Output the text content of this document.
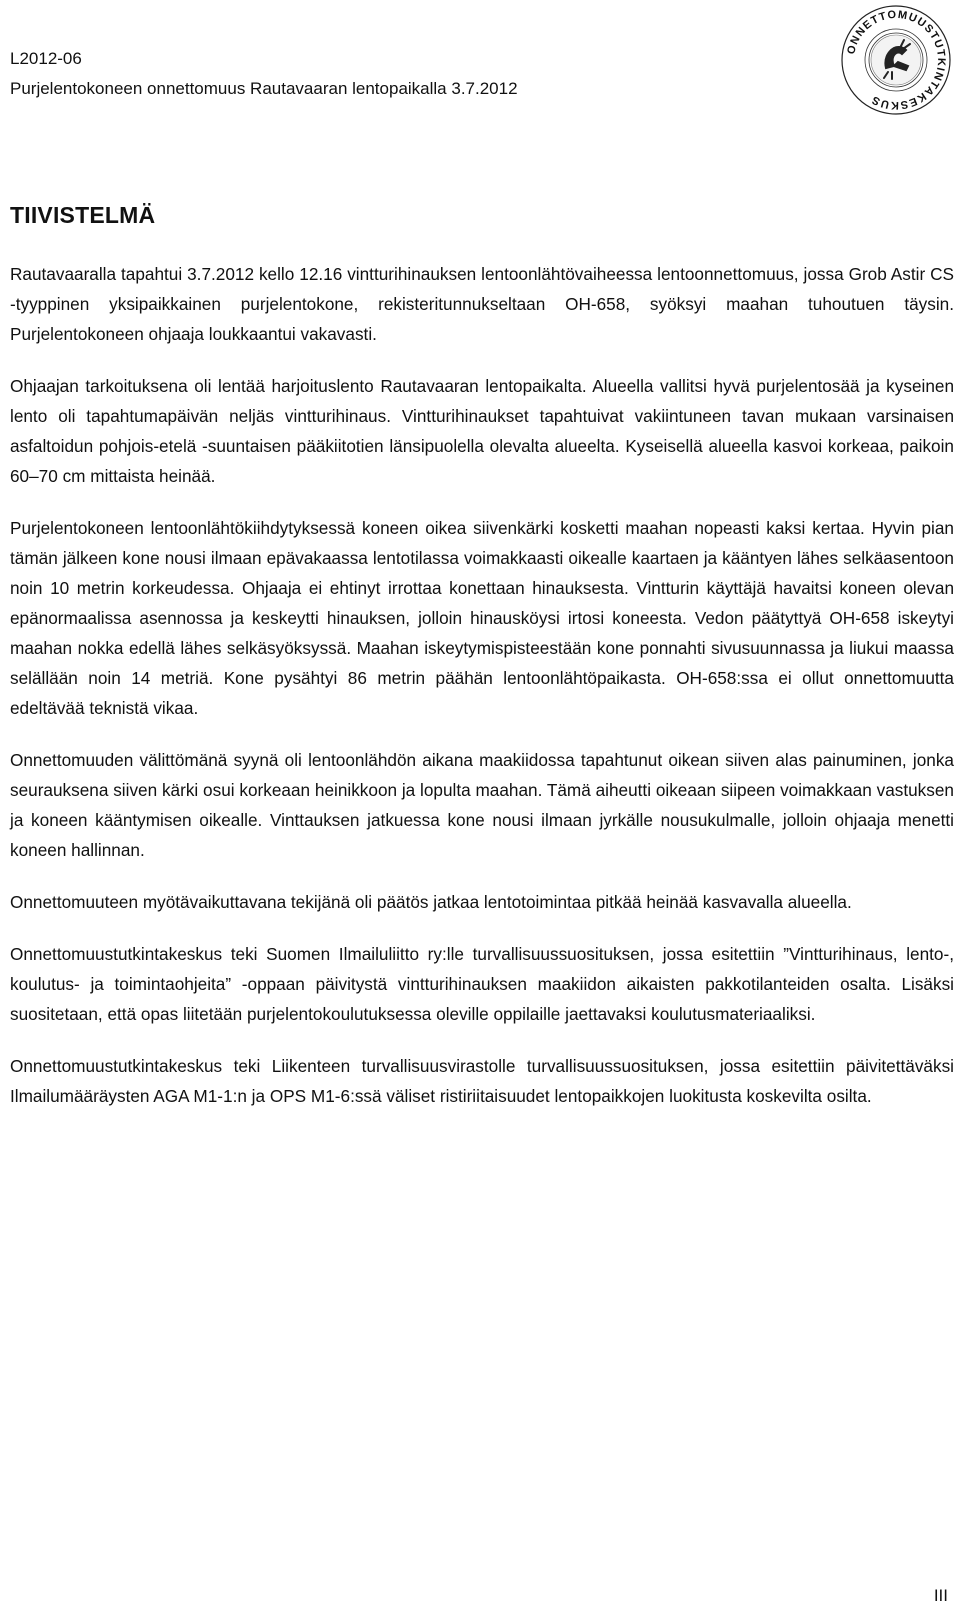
L2012-06

Purjelentokoneen onnettomuus Rautavaaran lentopaikalla 3.7.2012

ONNETTOMUUSTUTKINTAKESKUS
TIIVISTELMÄ

Rautavaaralla tapahtui 3.7.2012 kello 12.16 vintturihinauksen lentoonlähtövaiheessa lentoonnettomuus, jossa Grob Astir CS -tyyppinen yksipaikkainen purjelentokone, rekisteritunnukseltaan OH-658, syöksyi maahan tuhoutuen täysin. Purjelentokoneen ohjaaja loukkaantui vakavasti.

Ohjaajan tarkoituksena oli lentää harjoituslento Rautavaaran lentopaikalta. Alueella vallitsi hyvä purjelentosää ja kyseinen lento oli tapahtumapäivän neljäs vintturihinaus. Vintturihinaukset tapahtuivat vakiintuneen tavan mukaan varsinaisen asfaltoidun pohjois-etelä -suuntaisen pääkiitotien länsipuolella olevalta alueelta. Kyseisellä alueella kasvoi korkeaa, paikoin 60–70 cm mittaista heinää.

Purjelentokoneen lentoonlähtökiihdytyksessä koneen oikea siivenkärki kosketti maahan nopeasti kaksi kertaa. Hyvin pian tämän jälkeen kone nousi ilmaan epävakaassa lentotilassa voimakkaasti oikealle kaartaen ja kääntyen lähes selkäasentoon noin 10 metrin korkeudessa. Ohjaaja ei ehtinyt irrottaa konettaan hinauksesta. Vintturin käyttäjä havaitsi koneen olevan epänormaalissa asennossa ja keskeytti hinauksen, jolloin hinausköysi irtosi koneesta. Vedon päätyttyä OH-658 iskeytyi maahan nokka edellä lähes selkäsyöksyssä. Maahan iskeytymispisteestään kone ponnahti sivusuunnassa ja liukui maassa selällään noin 14 metriä. Kone pysähtyi 86 metrin päähän lentoonlähtöpaikasta. OH-658:ssa ei ollut onnettomuutta edeltävää teknistä vikaa.

Onnettomuuden välittömänä syynä oli lentoonlähdön aikana maakiidossa tapahtunut oikean siiven alas painuminen, jonka seurauksena siiven kärki osui korkeaan heinikkoon ja lopulta maahan. Tämä aiheutti oikeaan siipeen voimakkaan vastuksen ja koneen kääntymisen oikealle. Vinttauksen jatkuessa kone nousi ilmaan jyrkälle nousukulmalle, jolloin ohjaaja menetti koneen hallinnan.

Onnettomuuteen myötävaikuttavana tekijänä oli päätös jatkaa lentotoimintaa pitkää heinää kasvavalla alueella.

Onnettomuustutkintakeskus teki Suomen Ilmailuliitto ry:lle turvallisuussuosituksen, jossa esitettiin ”Vintturihinaus, lento-, koulutus- ja toimintaohjeita” -oppaan päivitystä vintturihinauksen maakiidon aikaisten pakkotilanteiden osalta. Lisäksi suositetaan, että opas liitetään purjelentokoulutuksessa oleville oppilaille jaettavaksi koulutusmateriaaliksi.

Onnettomuustutkintakeskus teki Liikenteen turvallisuusvirastolle turvallisuussuosituksen, jossa esitettiin päivitettäväksi Ilmailumääräysten AGA M1-1:n ja OPS M1-6:ssä väliset ristiriitaisuudet lentopaikkojen luokitusta koskevilta osilta.

III
